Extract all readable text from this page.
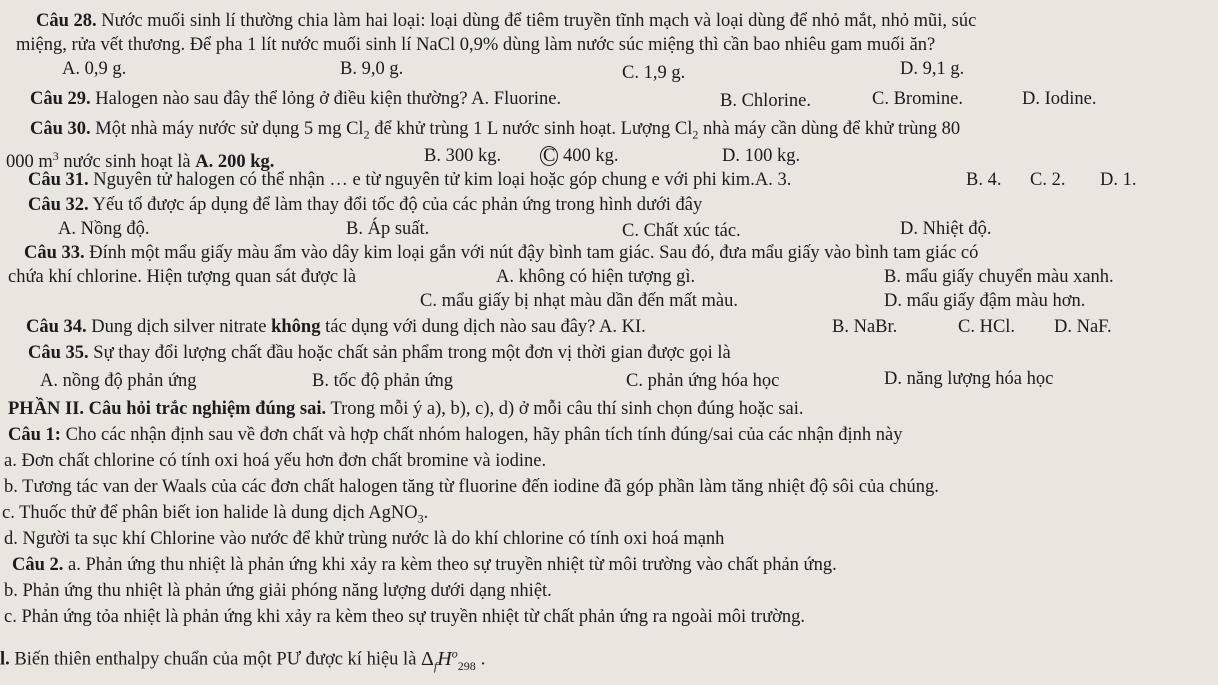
Câu 28. Nước muối sinh lí thường chia làm hai loại: loại dùng để tiêm truyền tĩnh mạch và loại dùng để nhỏ mắt, nhỏ mũi, súc
miệng, rửa vết thương. Để pha 1 lít nước muối sinh lí NaCl 0,9% dùng làm nước súc miệng thì cần bao nhiêu gam muối ăn?
A. 0,9 g.	B. 9,0 g.	C. 1,9 g.	D. 9,1 g.
Câu 29. Halogen nào sau đây thể lỏng ở điều kiện thường? A. Fluorine.	B. Chlorine.	C. Bromine.	D. Iodine.
Câu 30. Một nhà máy nước sử dụng 5 mg $Cl_2$ để khử trùng 1 L nước sinh hoạt. Lượng $Cl_2$ nhà máy cần dùng để khử trùng 80
000 $m^3$ nước sinh hoạt là A. 200 kg.	B. 300 kg. C 400 kg.	D. 100 kg.
Câu 31. Nguyên tử halogen có thể nhận … e từ nguyên tử kim loại hoặc góp chung e với phi kim.A. 3.	B. 4. C. 2. D. 1.
Câu 32. Yếu tố được áp dụng để làm thay đổi tốc độ của các phản ứng trong hình dưới đây
A. Nồng độ.	B. Áp suất.	C. Chất xúc tác.	D. Nhiệt độ.
Câu 33. Đính một mẩu giấy màu ẩm vào dây kim loại gắn với nút đậy bình tam giác. Sau đó, đưa mẩu giấy vào bình tam giác có
chứa khí chlorine. Hiện tượng quan sát được là	A. không có hiện tượng gì.	B. mẩu giấy chuyển màu xanh.
C. mẩu giấy bị nhạt màu dần đến mất màu.	D. mẩu giấy đậm màu hơn.
Câu 34. Dung dịch silver nitrate không tác dụng với dung dịch nào sau đây? A. KI.	B. NaBr.	C. HCl. D. NaF.
Câu 35. Sự thay đổi lượng chất đầu hoặc chất sản phẩm trong một đơn vị thời gian được gọi là
A. nồng độ phản ứng	B. tốc độ phản ứng	C. phản ứng hóa học	D. năng lượng hóa học
PHẦN II. Câu hỏi trắc nghiệm đúng sai. Trong mỗi ý a), b), c), d) ở mỗi câu thí sinh chọn đúng hoặc sai.
Câu 1: Cho các nhận định sau về đơn chất và hợp chất nhóm halogen, hãy phân tích tính đúng/sai của các nhận định này
a. Đơn chất chlorine có tính oxi hoá yếu hơn đơn chất bromine và iodine.
b. Tương tác van der Waals của các đơn chất halogen tăng từ fluorine đến iodine đã góp phần làm tăng nhiệt độ sôi của chúng.
c. Thuốc thử để phân biết ion halide là dung dịch AgNO$_3$.
d. Người ta sục khí Chlorine vào nước để khử trùng nước là do khí chlorine có tính oxi hoá mạnh
Câu 2. a. Phản ứng thu nhiệt là phản ứng khi xảy ra kèm theo sự truyền nhiệt từ môi trường vào chất phản ứng.
b. Phản ứng thu nhiệt là phản ứng giải phóng năng lượng dưới dạng nhiệt.
c. Phản ứng tỏa nhiệt là phản ứng khi xảy ra kèm theo sự truyền nhiệt từ chất phản ứng ra ngoài môi trường.
l. Biến thiên enthalpy chuẩn của một PƯ được kí hiệu là $\Delta_fH^o_{298}$ .
